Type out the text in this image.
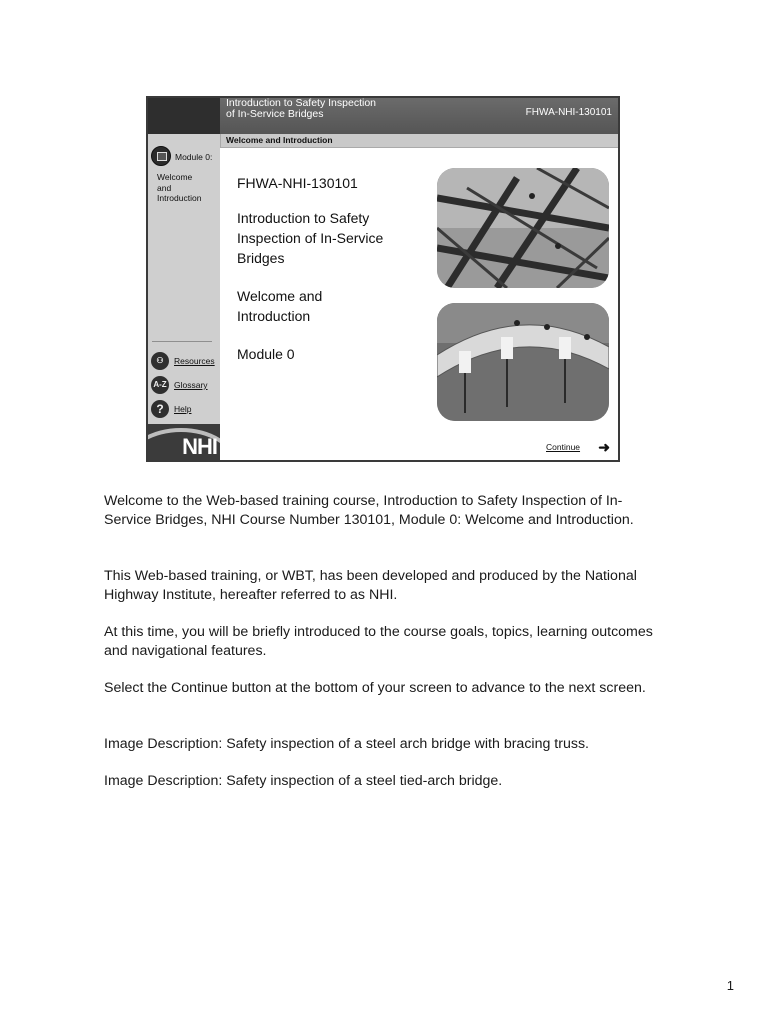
Introduction to Safety Inspection
of In-Service Bridges	FHWA-NHI-130101
Welcome and Introduction
Module 0:
Welcome
and
Introduction
⚇	Resources
A-Z Glossary
?	Help
NHI
FHWA-NHI-130101
Introduction to Safety
Inspection of In-Service
Bridges
Welcome and
Introduction
Module 0
Continue ➜
Welcome to the Web-based training course, Introduction to Safety Inspection of In-Service Bridges, NHI Course Number 130101, Module 0: Welcome and Introduction.
This Web-based training, or WBT, has been developed and produced by the National Highway Institute, hereafter referred to as NHI.
At this time, you will be briefly introduced to the course goals, topics, learning outcomes and navigational features.
Select the Continue button at the bottom of your screen to advance to the next screen.
Image Description: Safety inspection of a steel arch bridge with bracing truss.
Image Description: Safety inspection of a steel tied-arch bridge.
1
